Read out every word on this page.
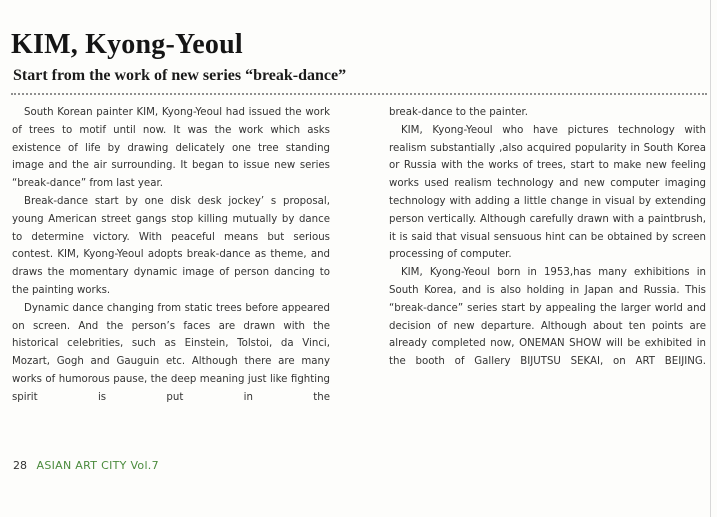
KIM, Kyong-Yeoul
Start from the work of new series “break-dance”

South Korean painter KIM, Kyong-Yeoul had issued the work of trees to motif until now. It was the work which asks existence of life by drawing delicately one tree standing image and the air surrounding. It began to issue new series “break-dance” from last year.

Break-dance start by one disk desk jockey’ s proposal, young American street gangs stop killing mutually by dance to determine victory. With peaceful means but serious contest. KIM, Kyong-Yeoul adopts break-dance as theme, and draws the momentary dynamic image of person dancing to the painting works.

Dynamic dance changing from static trees before appeared on screen. And the person’s faces are drawn with the historical celebrities, such as Einstein, Tolstoi, da Vinci, Mozart, Gogh and Gauguin etc. Although there are many works of humorous pause, the deep meaning just like fighting spirit is put in the

break-dance to the painter.

KIM, Kyong-Yeoul who have pictures technology with realism substantially ,also acquired popularity in South Korea or Russia with the works of trees, start to make new feeling works used realism technology and new computer imaging technology with adding a little change in visual by extending person vertically. Although carefully drawn with a paintbrush, it is said that visual sensuous hint can be obtained by screen processing of computer.

KIM, Kyong-Yeoul born in 1953,has many exhibitions in South Korea, and is also holding in Japan and Russia. This “break-dance” series start by appealing the larger world and decision of new departure. Although about ten points are already completed now, ONEMAN SHOW will be exhibited in the booth of Gallery BIJUTSU SEKAI, on ART BEIJING.

28 ASIAN ART CITY Vol.7
